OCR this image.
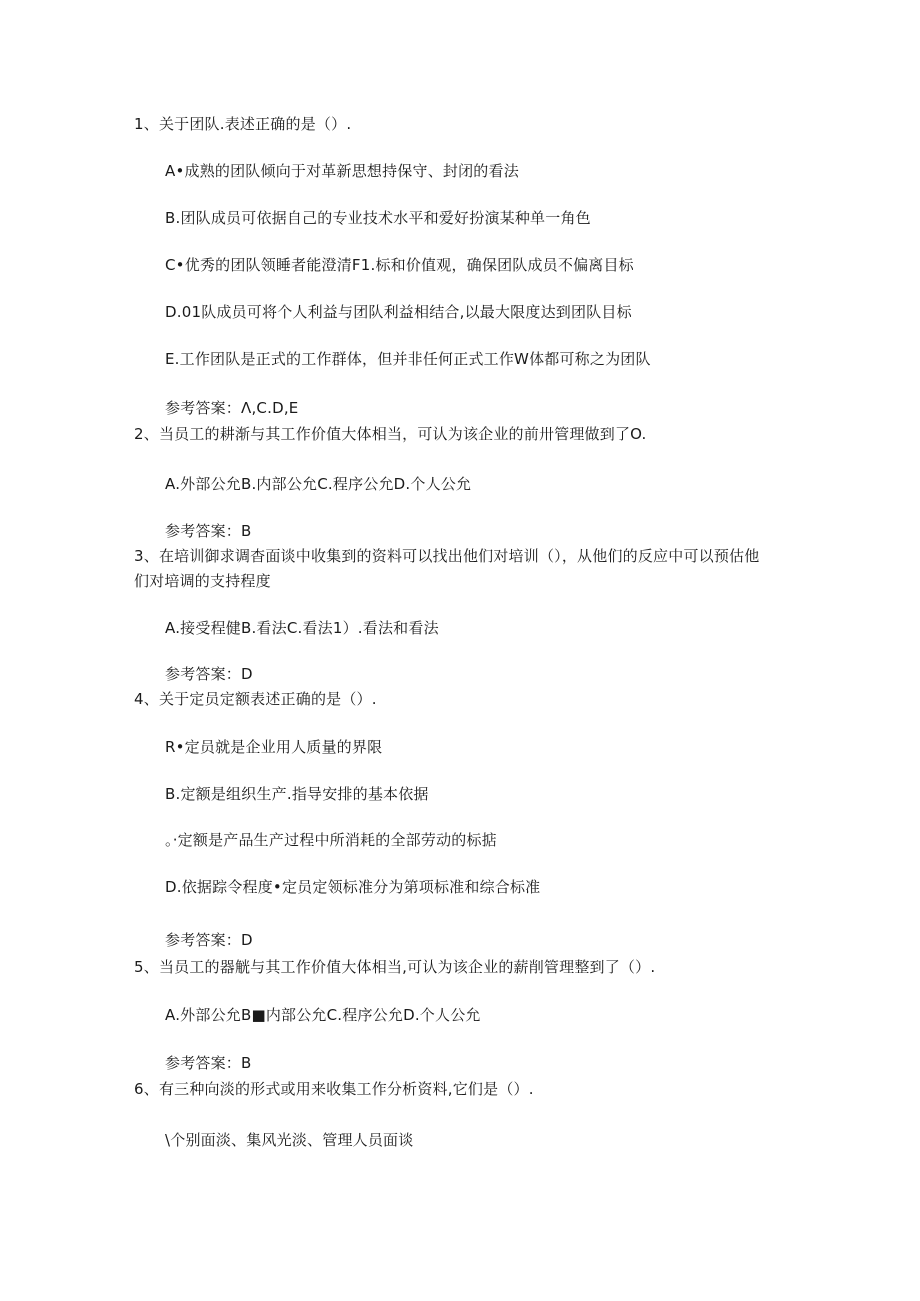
1、关于团队.表述正确的是（）.
A•成熟的团队倾向于对革新思想持保守、封闭的看法
B.团队成员可依据自己的专业技术水平和爱好扮演某种单一角色
C•优秀的团队领睡者能澄清F1.标和价值观，确保团队成员不偏离目标
D.01队成员可将个人利益与团队利益相结合,以最大限度达到团队目标
E.工作团队是正式的工作群体，但并非任何正式工作W体都可称之为团队
参考答案：Λ,C.D,E
2、当员工的耕渐与其工作价值大体相当，可认为该企业的前卅管理做到了O.
A.外部公允B.内部公允C.程序公允D.个人公允
参考答案：B
3、在培训御求调杳面谈中收集到的资料可以找出他们对培训（），从他们的反应中可以预估他
们对培调的支持程度
A.接受程健B.看法C.看法1）.看法和看法
参考答案：D
4、关于定员定额表述正确的是（）.
R•定员就是企业用人质量的界限
B.定额是组织生产.指导安排的基本依据
。·定额是产品生产过程中所消耗的全部劳动的标掂
D.依据踪令程度•定员定领标准分为第项标准和综合标准
参考答案：D
5、当员工的器觥与其工作价值大体相当,可认为该企业的薪削管理整到了（）.
A.外部公允B■内部公允C.程序公允D.个人公允
参考答案：B
6、有三种向淡的形式或用来收集工作分析资料,它们是（）.
\个别面淡、集风光淡、管理人员面谈
